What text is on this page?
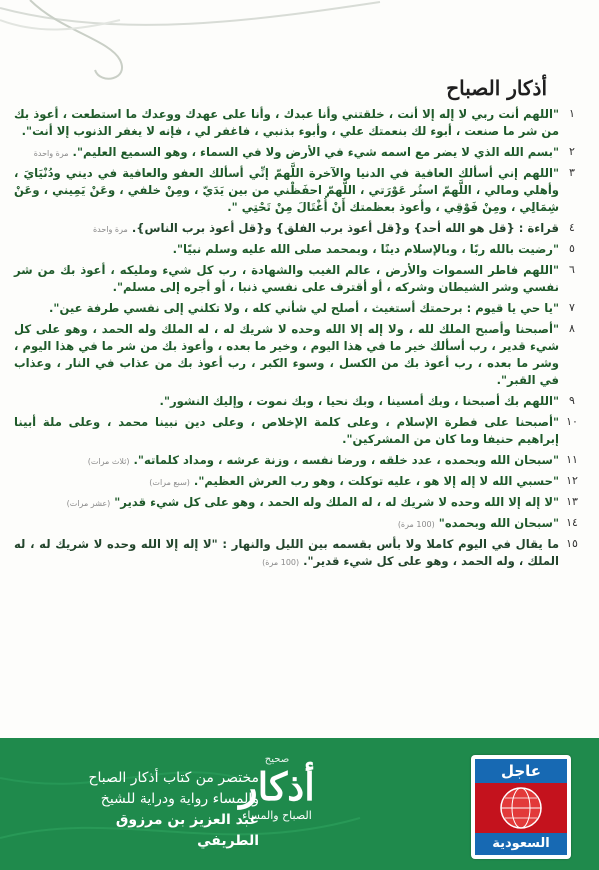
أذكار الصباح
١
"اللهم أنت ربي لا إله إلا أنت ، خلقتني وأنا عبدك ، وأنا على عهدك ووعدك ما استطعت ، أعوذ بك من شر ما صنعت ، أبوء لك بنعمتك علي ، وأبوء بذنبي ، فاغفر لي ، فإنه لا يغفر الذنوب إلا أنت".
٢
"بسم الله الذي لا يضر مع اسمه شيء في الأرض ولا في السماء ، وهو السميع العليم".مرة واحدة
٣
"اللهم إني أسألك العافية في الدنيا والآخرة اللَّهمّ إنِّي أسألك العفو والعافية في ديني ودُنْيَايَ ، وأهلي ومالي ، اللَّهمّ استُر عَوْرَتي ، اللَّهمّ احفَظْني من بين يَدَيّ ، ومِنْ خلفي ، وعَنْ يَمِيني ، وعَنْ شِمَالِي ، ومِنْ فَوْقِي ، وأعوذ بعظمتك أَنْ أُغْتَالَ مِنْ تَحْتِي ".
٤
قراءة : {قل هو الله أحد} و{قل أعوذ برب الفلق} و{قل أعوذ برب الناس}.مرة واحدة
٥
"رضيت بالله ربًا ، وبالإسلام دينًا ، وبمحمد صلى الله عليه وسلم نبيًا".
٦
"اللهم فاطر السموات والأرض ، عالم الغيب والشهادة ، رب كل شيء ومليكه ، أعوذ بك من شر نفسي وشر الشيطان وشركه ، أو أقترف على نفسي ذنبا ، أو أجره إلى مسلم".
٧
"يا حي يا قيوم : برحمتك أستغيث ، أصلح لي شأني كله ، ولا تكلني إلى نفسي طرفة عين".
٨
"أصبحنا وأصبح الملك لله ، ولا إله إلا الله وحده لا شريك له ، له الملك وله الحمد ، وهو على كل شيء قدير ، رب أسألك خير ما في هذا اليوم ، وخير ما بعده ، وأعوذ بك من شر ما في هذا اليوم ، وشر ما بعده ، رب أعوذ بك من الكسل ، وسوء الكبر ، رب أعوذ بك من عذاب في النار ، وعذاب في القبر".
٩
"اللهم بك أصبحنا ، وبك أمسينا ، وبك نحيا ، وبك نموت ، وإليك النشور".
١٠
"أصبحنا على فطرة الإسلام ، وعلى كلمة الإخلاص ، وعلى دين نبينا محمد ، وعلى ملة أبينا إبراهيم حنيفا وما كان من المشركين".
١١
"سبحان الله وبحمده ، عدد خلقه ، ورضا نفسه ، وزنة عرشه ، ومداد كلماته".(ثلاث مرات)
١٢
"حسبي الله لا إله إلا هو ، عليه توكلت ، وهو رب العرش العظيم".(سبع مرات)
١٣
"لا إله إلا الله وحده لا شريك له ، له الملك وله الحمد ، وهو على كل شيء قدير"(عشر مرات)
١٤
"سبحان الله وبحمده"(100 مرة)
١٥
ما يقال في اليوم كاملا ولا بأس بقسمه بين الليل والنهار : "لا إله إلا الله وحده لا شريك له ، له الملك ، وله الحمد ، وهو على كل شيء قدير".(100 مرة)
مختصر من كتاب أذكار الصباح
والمساء رواية ودراية للشيخ
عبد العزيز بن مرزوق الطريفي
صحيح
أذكار
الصباح والمساء
عاجل
السعودية
